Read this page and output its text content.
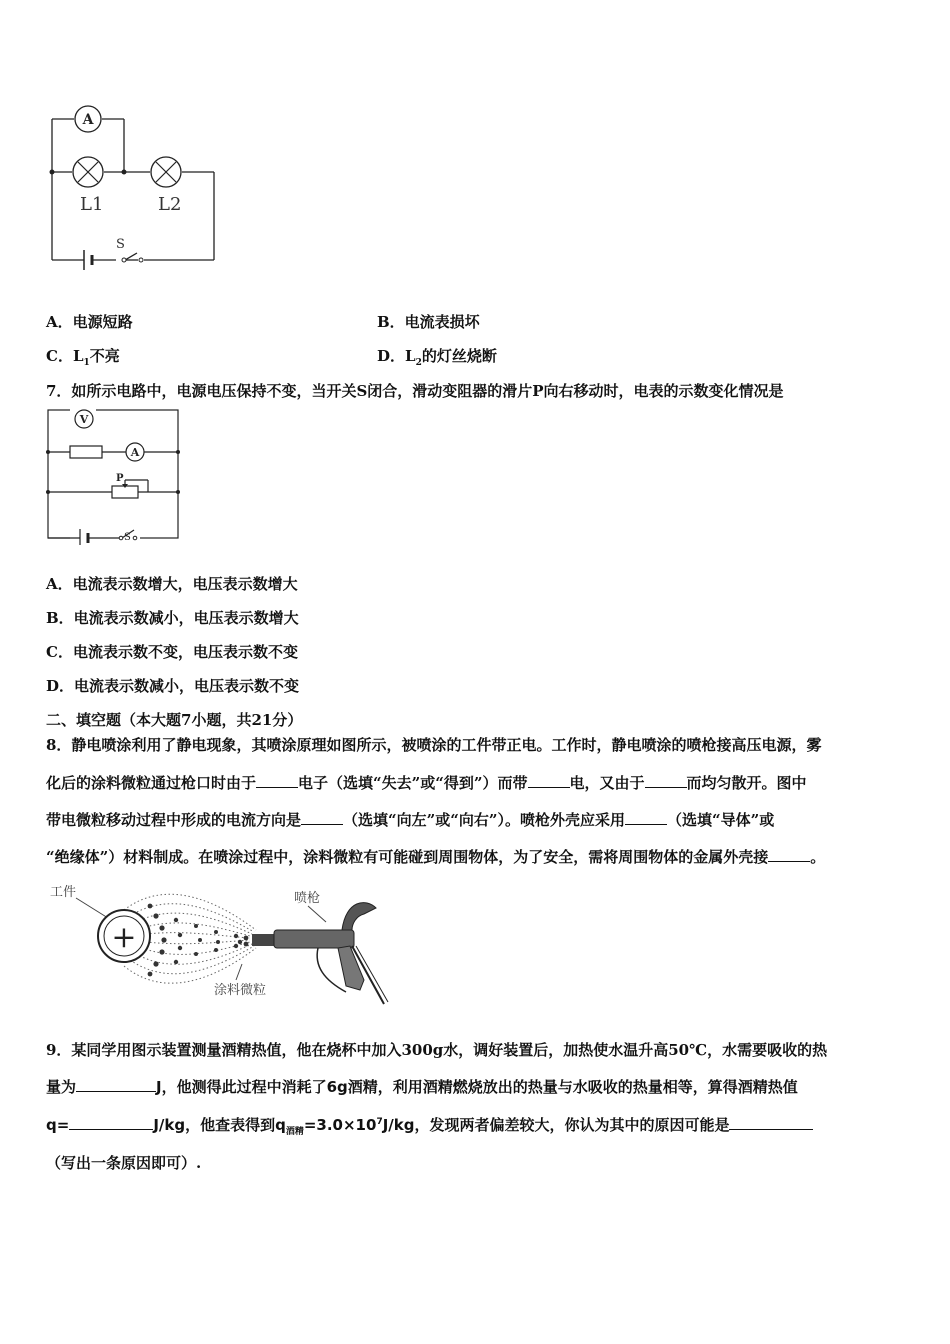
A
L1	L2
S
A．电源短路	B．电流表损坏
C．$L_1$不亮	D．$L_2$的灯丝烧断
7．如所示电路中，电源电压保持不变，当开关S闭合，滑动变阻器的滑片P向右移动时，电表的示数变化情况是
V
A
P
S
A．电流表示数增大，电压表示数增大
B．电流表示数减小，电压表示数增大
C．电流表示数不变，电压表示数不变
D．电流表示数减小，电压表示数不变
二、填空题（本大题7小题，共21分）
8．静电喷涂利用了静电现象，其喷涂原理如图所示，被喷涂的工件带正电。工作时，静电喷涂的喷枪接高压电源，雾
化后的涂料微粒通过枪口时由于	电子（选填“失去”或“得到”）而带	电，又由于	而均匀散开。图中
带电微粒移动过程中形成的电流方向是	（选填“向左”或“向右”）。喷枪外壳应采用	（选填“导体”或
“绝缘体”）材料制成。在喷涂过程中，涂料微粒有可能碰到周围物体，为了安全，需将周围物体的金属外壳接	。
工件	喷枪
+
涂料微粒
9．某同学用图示装置测量酒精热值，他在烧杯中加入300g水，调好装置后，加热使水温升高50℃，水需要吸收的热
量为	J，他测得此过程中消耗了6g酒精，利用酒精燃烧放出的热量与水吸收的热量相等，算得酒精热值
q=	J/kg，他查表得到$q_{酒精}=3.0\times 10^7J/kg$，发现两者偏差较大，你认为其中的原因可能是
（写出一条原因即可）.
